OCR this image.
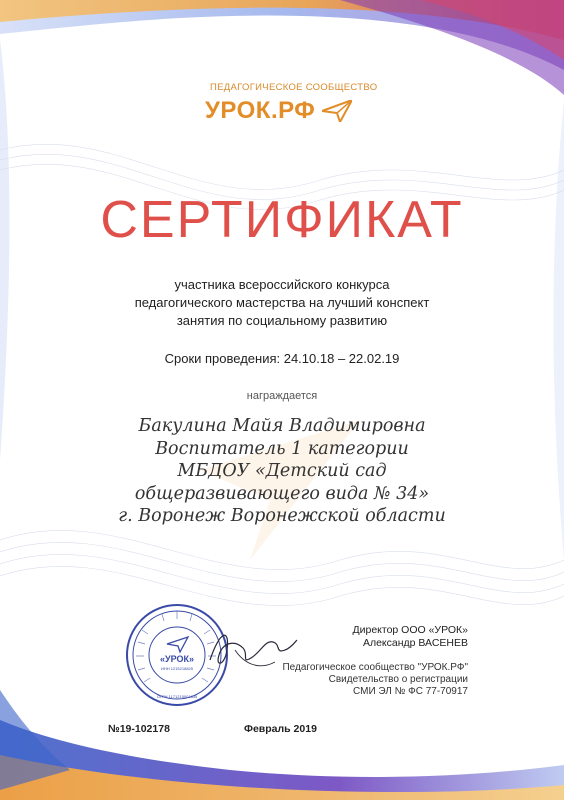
ПЕДАГОГИЧЕСКОЕ СООБЩЕСТВО
УРОК.РФ
СЕРТИФИКАТ
участника всероссийского конкурса
педагогического мастерства на лучший конспект
занятия по социальному развитию
Сроки проведения: 24.10.18 – 22.02.19
награждается
Бакулина Майя Владимировна
Воспитатель 1 категории
МБДОУ «Детский сад
общеразвивающего вида № 34»
г. Воронеж Воронежской области
«УРОК»
ИНН 1215218825
ОГРН 1171215001655
Директор ООО «УРОК»
Александр ВАСЕНЕВ
Педагогическое сообщество "УРОК.РФ"
Свидетельство о регистрации
СМИ ЭЛ № ФС 77-70917
№19-102178	Февраль 2019
